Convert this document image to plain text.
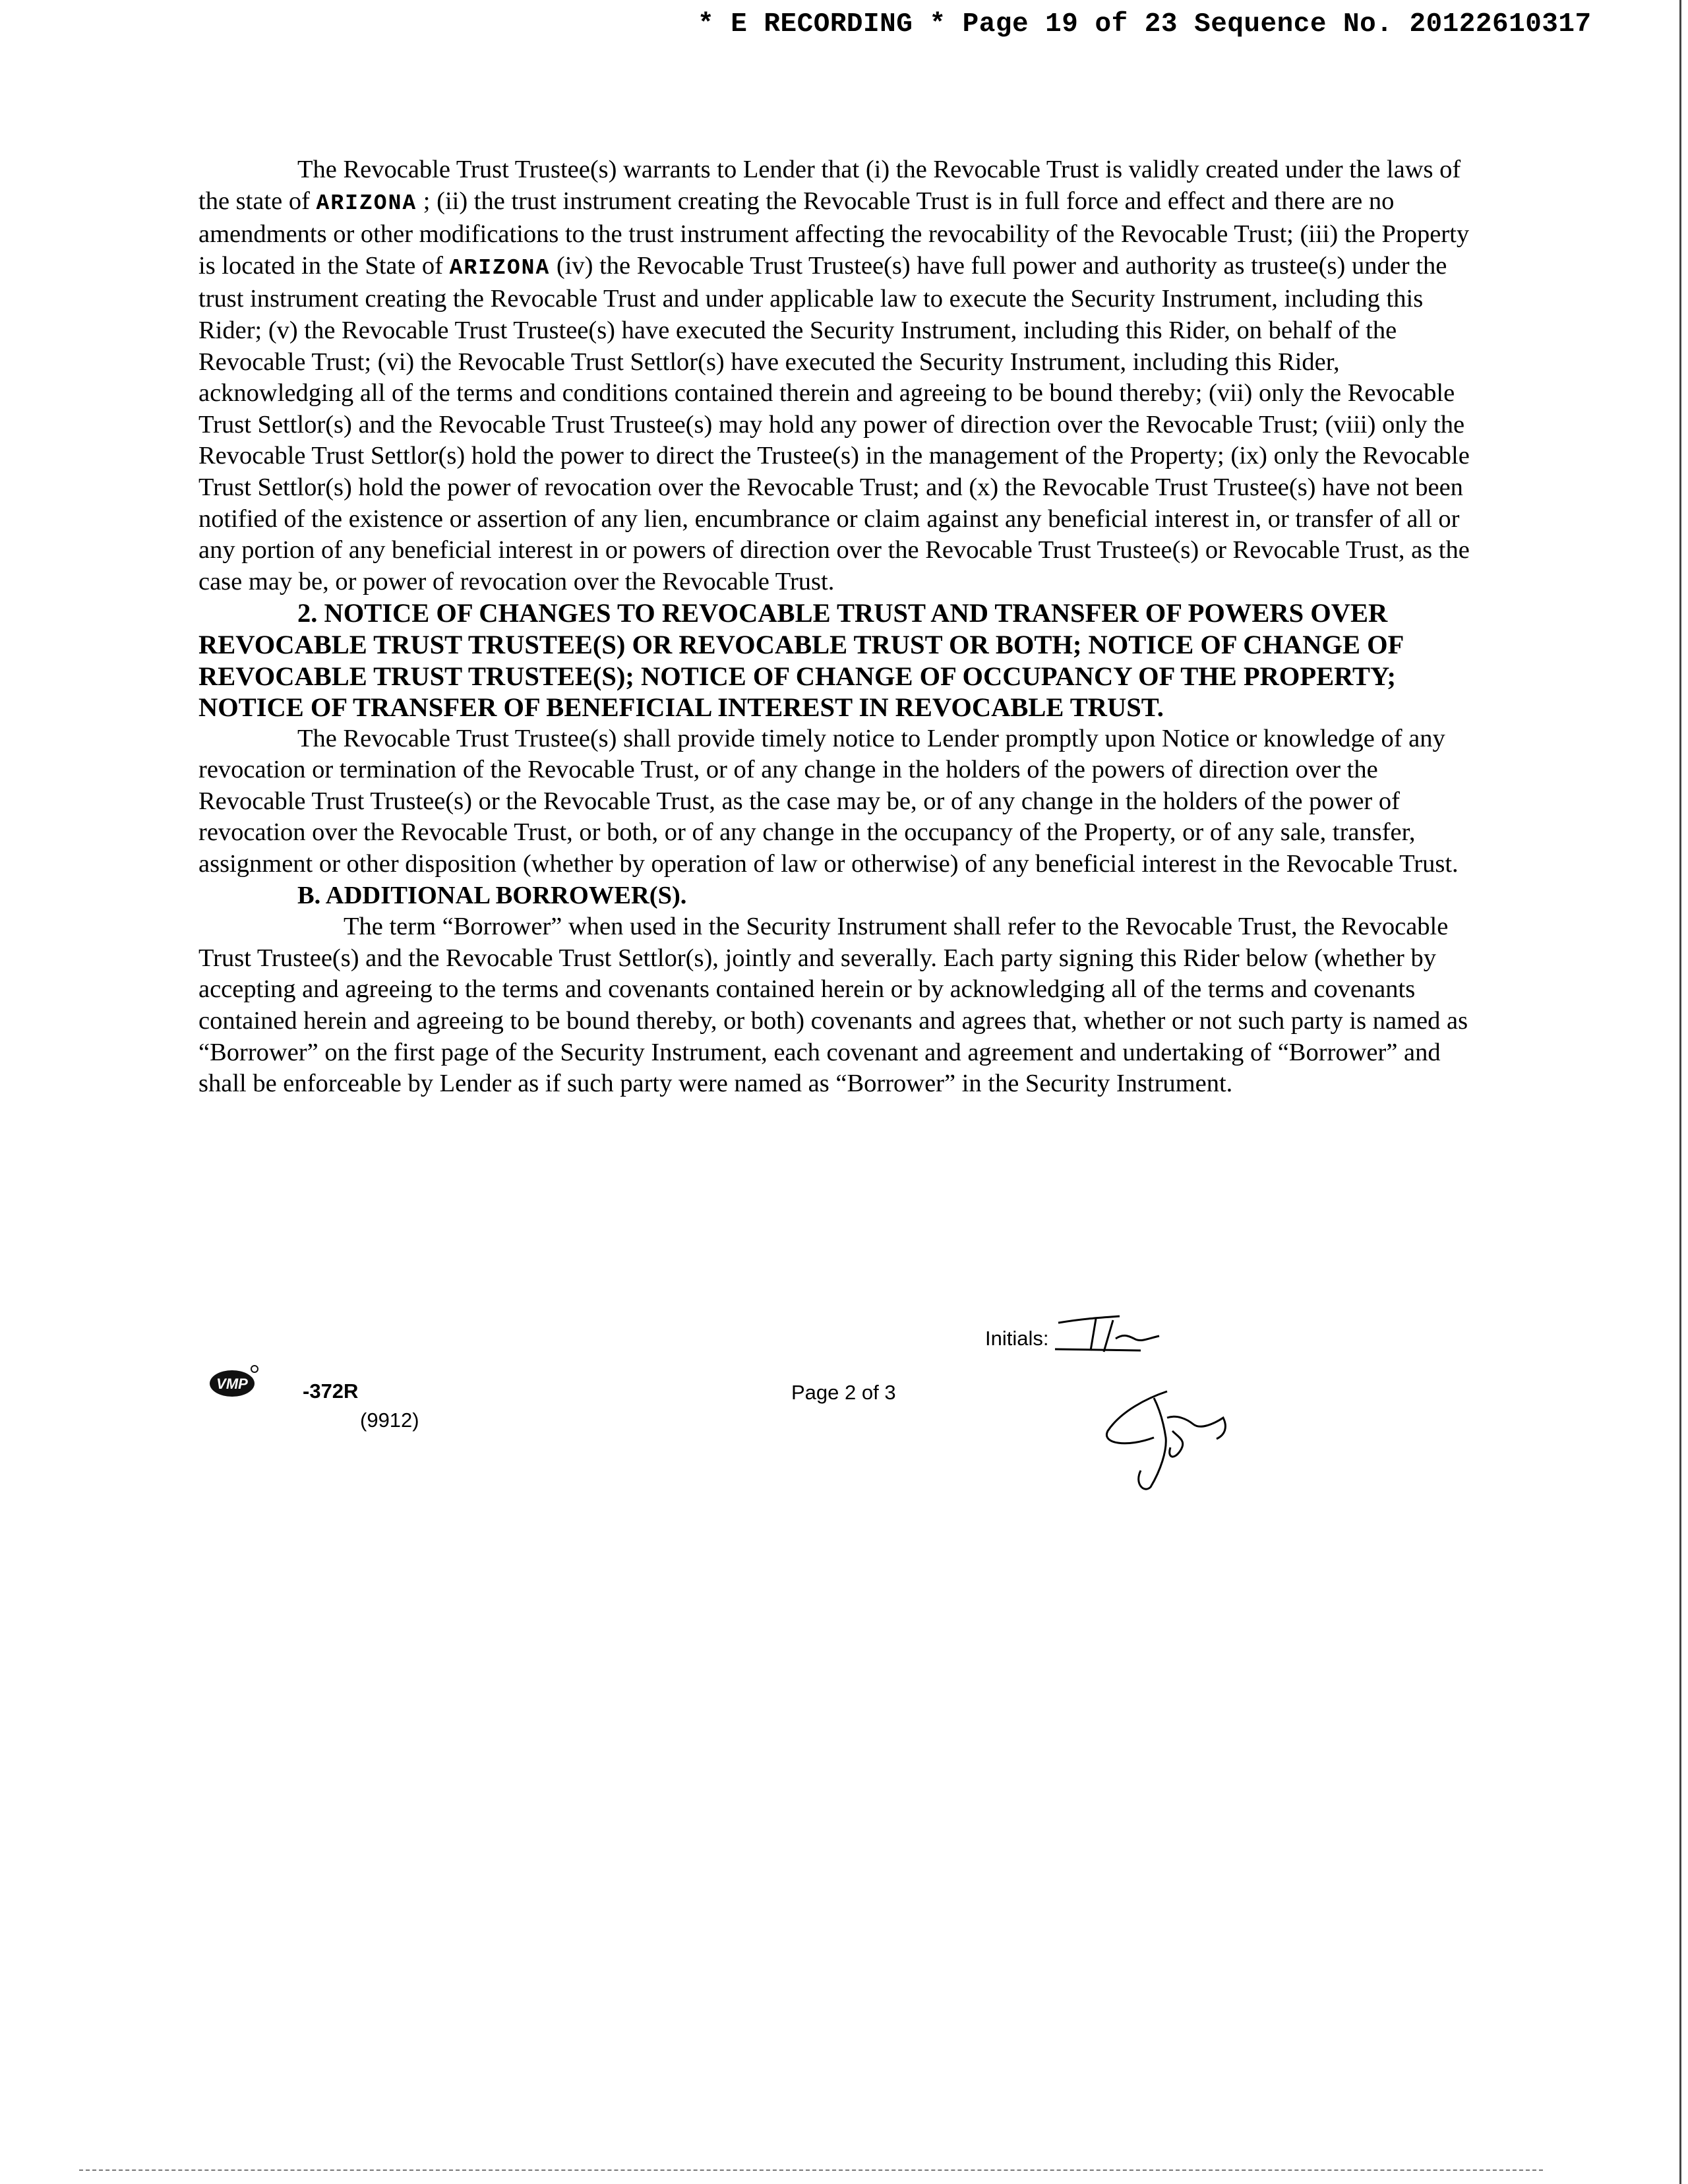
* E RECORDING * Page 19 of 23 Sequence No. 20122610317

The Revocable Trust Trustee(s) warrants to Lender that (i) the Revocable Trust is validly created under the laws of the state of ARIZONA ; (ii) the trust instrument creating the Revocable Trust is in full force and effect and there are no amendments or other modifications to the trust instrument affecting the revocability of the Revocable Trust; (iii) the Property is located in the State of ARIZONA (iv) the Revocable Trust Trustee(s) have full power and authority as trustee(s) under the trust instrument creating the Revocable Trust and under applicable law to execute the Security Instrument, including this Rider; (v) the Revocable Trust Trustee(s) have executed the Security Instrument, including this Rider, on behalf of the Revocable Trust; (vi) the Revocable Trust Settlor(s) have executed the Security Instrument, including this Rider, acknowledging all of the terms and conditions contained therein and agreeing to be bound thereby; (vii) only the Revocable Trust Settlor(s) and the Revocable Trust Trustee(s) may hold any power of direction over the Revocable Trust; (viii) only the Revocable Trust Settlor(s) hold the power to direct the Trustee(s) in the management of the Property; (ix) only the Revocable Trust Settlor(s) hold the power of revocation over the Revocable Trust; and (x) the Revocable Trust Trustee(s) have not been notified of the existence or assertion of any lien, encumbrance or claim against any beneficial interest in, or transfer of all or any portion of any beneficial interest in or powers of direction over the Revocable Trust Trustee(s) or Revocable Trust, as the case may be, or power of revocation over the Revocable Trust.

2. NOTICE OF CHANGES TO REVOCABLE TRUST AND TRANSFER OF POWERS OVER REVOCABLE TRUST TRUSTEE(S) OR REVOCABLE TRUST OR BOTH; NOTICE OF CHANGE OF REVOCABLE TRUST TRUSTEE(S); NOTICE OF CHANGE OF OCCUPANCY OF THE PROPERTY; NOTICE OF TRANSFER OF BENEFICIAL INTEREST IN REVOCABLE TRUST.

The Revocable Trust Trustee(s) shall provide timely notice to Lender promptly upon Notice or knowledge of any revocation or termination of the Revocable Trust, or of any change in the holders of the powers of direction over the Revocable Trust Trustee(s) or the Revocable Trust, as the case may be, or of any change in the holders of the power of revocation over the Revocable Trust, or both, or of any change in the occupancy of the Property, or of any sale, transfer, assignment or other disposition (whether by operation of law or otherwise) of any beneficial interest in the Revocable Trust.

B. ADDITIONAL BORROWER(S).

The term “Borrower” when used in the Security Instrument shall refer to the Revocable Trust, the Revocable Trust Trustee(s) and the Revocable Trust Settlor(s), jointly and severally. Each party signing this Rider below (whether by accepting and agreeing to the terms and covenants contained herein or by acknowledging all of the terms and covenants contained herein and agreeing to be bound thereby, or both) covenants and agrees that, whether or not such party is named as “Borrower” on the first page of the Security Instrument, each covenant and agreement and undertaking of “Borrower” and shall be enforceable by Lender as if such party were named as “Borrower” in the Security Instrument.

VMP	-372R
(9912)
Page 2 of 3
Initials:
